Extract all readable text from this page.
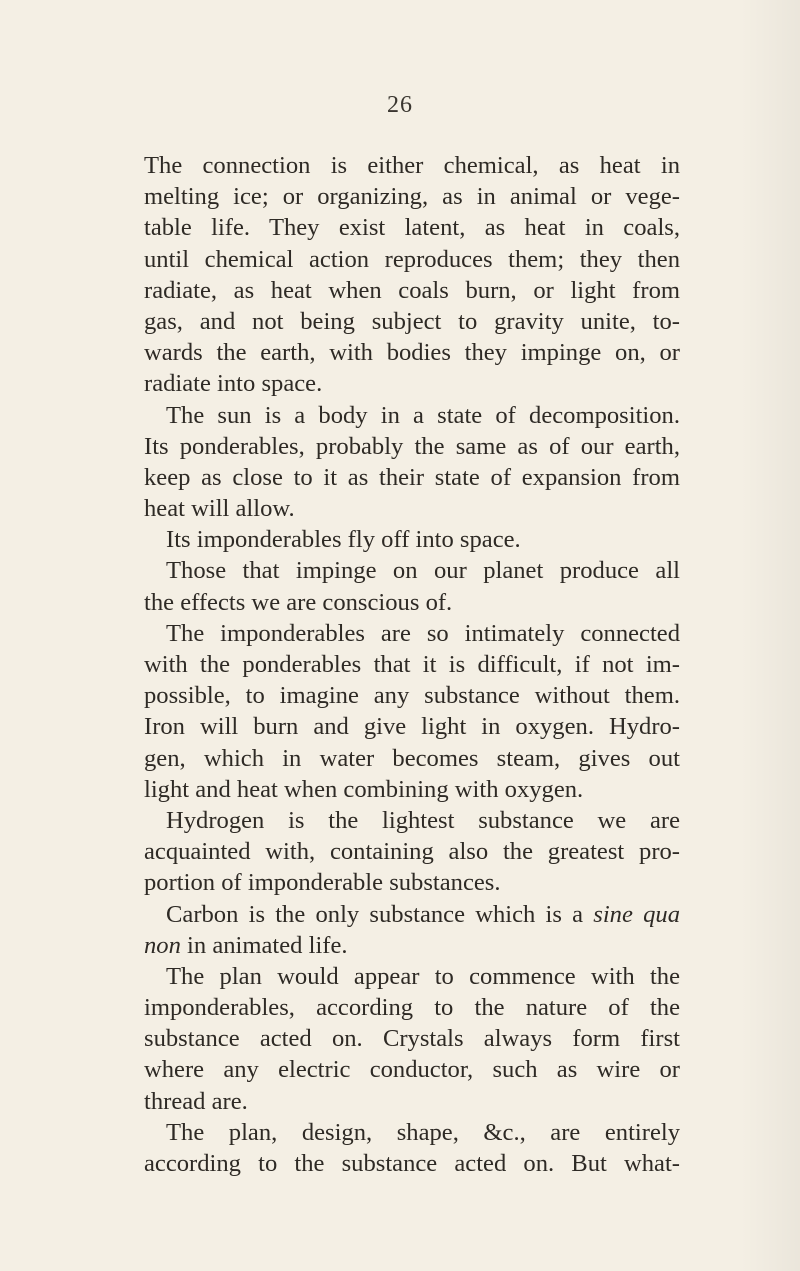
26
The connection is either chemical, as heat in
melting ice; or organizing, as in animal or vege-
table life. They exist latent, as heat in coals,
until chemical action reproduces them; they then
radiate, as heat when coals burn, or light from
gas, and not being subject to gravity unite, to-
wards the earth, with bodies they impinge on, or
radiate into space.
The sun is a body in a state of decomposition.
Its ponderables, probably the same as of our earth,
keep as close to it as their state of expansion from
heat will allow.
Its imponderables fly off into space.
Those that impinge on our planet produce all
the effects we are conscious of.
The imponderables are so intimately connected
with the ponderables that it is difficult, if not im-
possible, to imagine any substance without them.
Iron will burn and give light in oxygen. Hydro-
gen, which in water becomes steam, gives out
light and heat when combining with oxygen.
Hydrogen is the lightest substance we are
acquainted with, containing also the greatest pro-
portion of imponderable substances.
Carbon is the only substance which is a sine qua
non in animated life.
The plan would appear to commence with the
imponderables, according to the nature of the
substance acted on. Crystals always form first
where any electric conductor, such as wire or
thread are.
The plan, design, shape, &c., are entirely
according to the substance acted on. But what-
